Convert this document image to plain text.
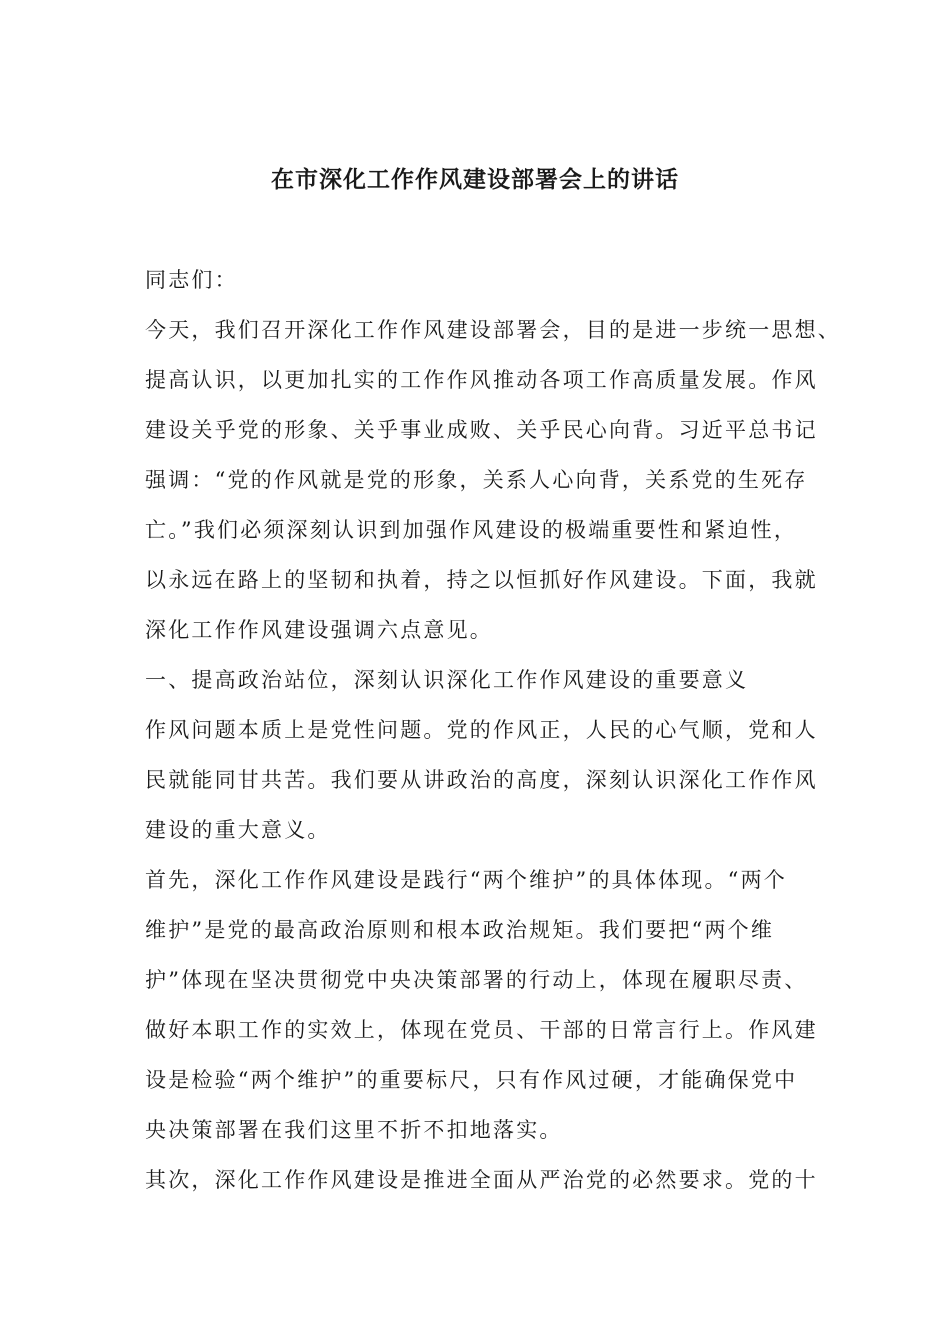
在市深化工作作风建设部署会上的讲话
同志们：
今天，我们召开深化工作作风建设部署会，目的是进一步统一思想、
提高认识，以更加扎实的工作作风推动各项工作高质量发展。作风
建设关乎党的形象、关乎事业成败、关乎民心向背。习近平总书记
强调：“党的作风就是党的形象，关系人心向背，关系党的生死存
亡。”我们必须深刻认识到加强作风建设的极端重要性和紧迫性，
以永远在路上的坚韧和执着，持之以恒抓好作风建设。下面，我就
深化工作作风建设强调六点意见。
一、提高政治站位，深刻认识深化工作作风建设的重要意义
作风问题本质上是党性问题。党的作风正，人民的心气顺，党和人
民就能同甘共苦。我们要从讲政治的高度，深刻认识深化工作作风
建设的重大意义。
首先，深化工作作风建设是践行“两个维护”的具体体现。“两个
维护”是党的最高政治原则和根本政治规矩。我们要把“两个维
护”体现在坚决贯彻党中央决策部署的行动上，体现在履职尽责、
做好本职工作的实效上，体现在党员、干部的日常言行上。作风建
设是检验“两个维护”的重要标尺，只有作风过硬，才能确保党中
央决策部署在我们这里不折不扣地落实。
其次，深化工作作风建设是推进全面从严治党的必然要求。党的十
